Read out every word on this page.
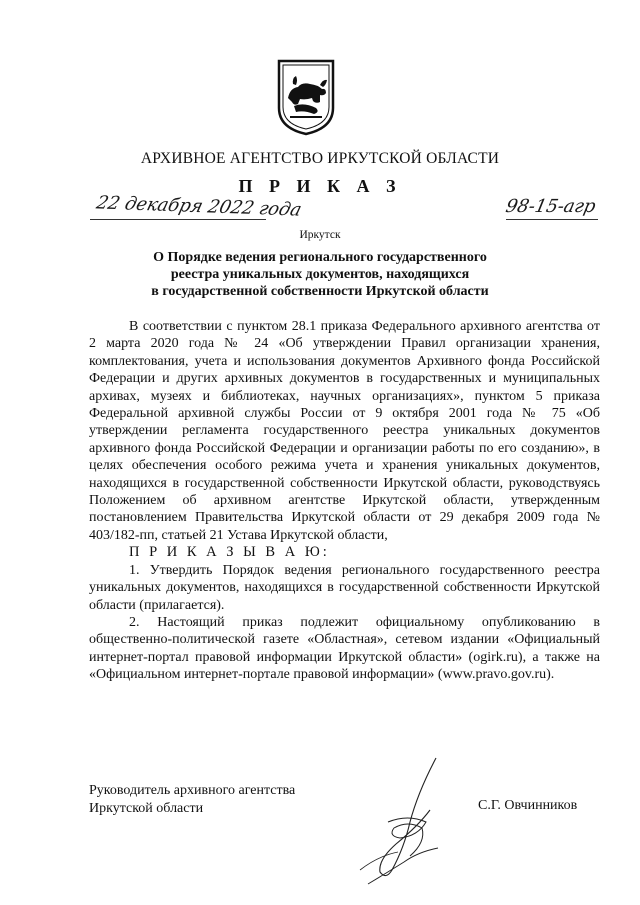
АРХИВНОЕ АГЕНТСТВО ИРКУТСКОЙ ОБЛАСТИ
П Р И К А З
22 декабря 2022 года	98-15-агр
Иркутск
О Порядке ведения регионального государственного
реестра уникальных документов, находящихся
в государственной собственности Иркутской области

В соответствии с пунктом 28.1 приказа Федерального архивного агентства от 2 марта 2020 года № 24 «Об утверждении Правил организации хранения, комплектования, учета и использования документов Архивного фонда Российской Федерации и других архивных документов в государственных и муниципальных архивах, музеях и библиотеках, научных организациях», пунктом 5 приказа Федеральной архивной службы России от 9 октября 2001 года № 75 «Об утверждении регламента государственного реестра уникальных документов архивного фонда Российской Федерации и организации работы по его созданию», в целях обеспечения особого режима учета и хранения уникальных документов, находящихся в государственной собственности Иркутской области, руководствуясь Положением об архивном агентстве Иркутской области, утвержденным постановлением Правительства Иркутской области от 29 декабря 2009 года № 403/182-пп, статьей 21 Устава Иркутской области,

П Р И К А З Ы В А Ю:

1. Утвердить Порядок ведения регионального государственного реестра уникальных документов, находящихся в государственной собственности Иркутской области (прилагается).

2. Настоящий приказ подлежит официальному опубликованию в общественно-политической газете «Областная», сетевом издании «Официальный интернет-портал правовой информации Иркутской области» (ogirk.ru), а также на «Официальном интернет-портале правовой информации» (www.pravo.gov.ru).

Руководитель архивного агентства
Иркутской области	С.Г. Овчинников
